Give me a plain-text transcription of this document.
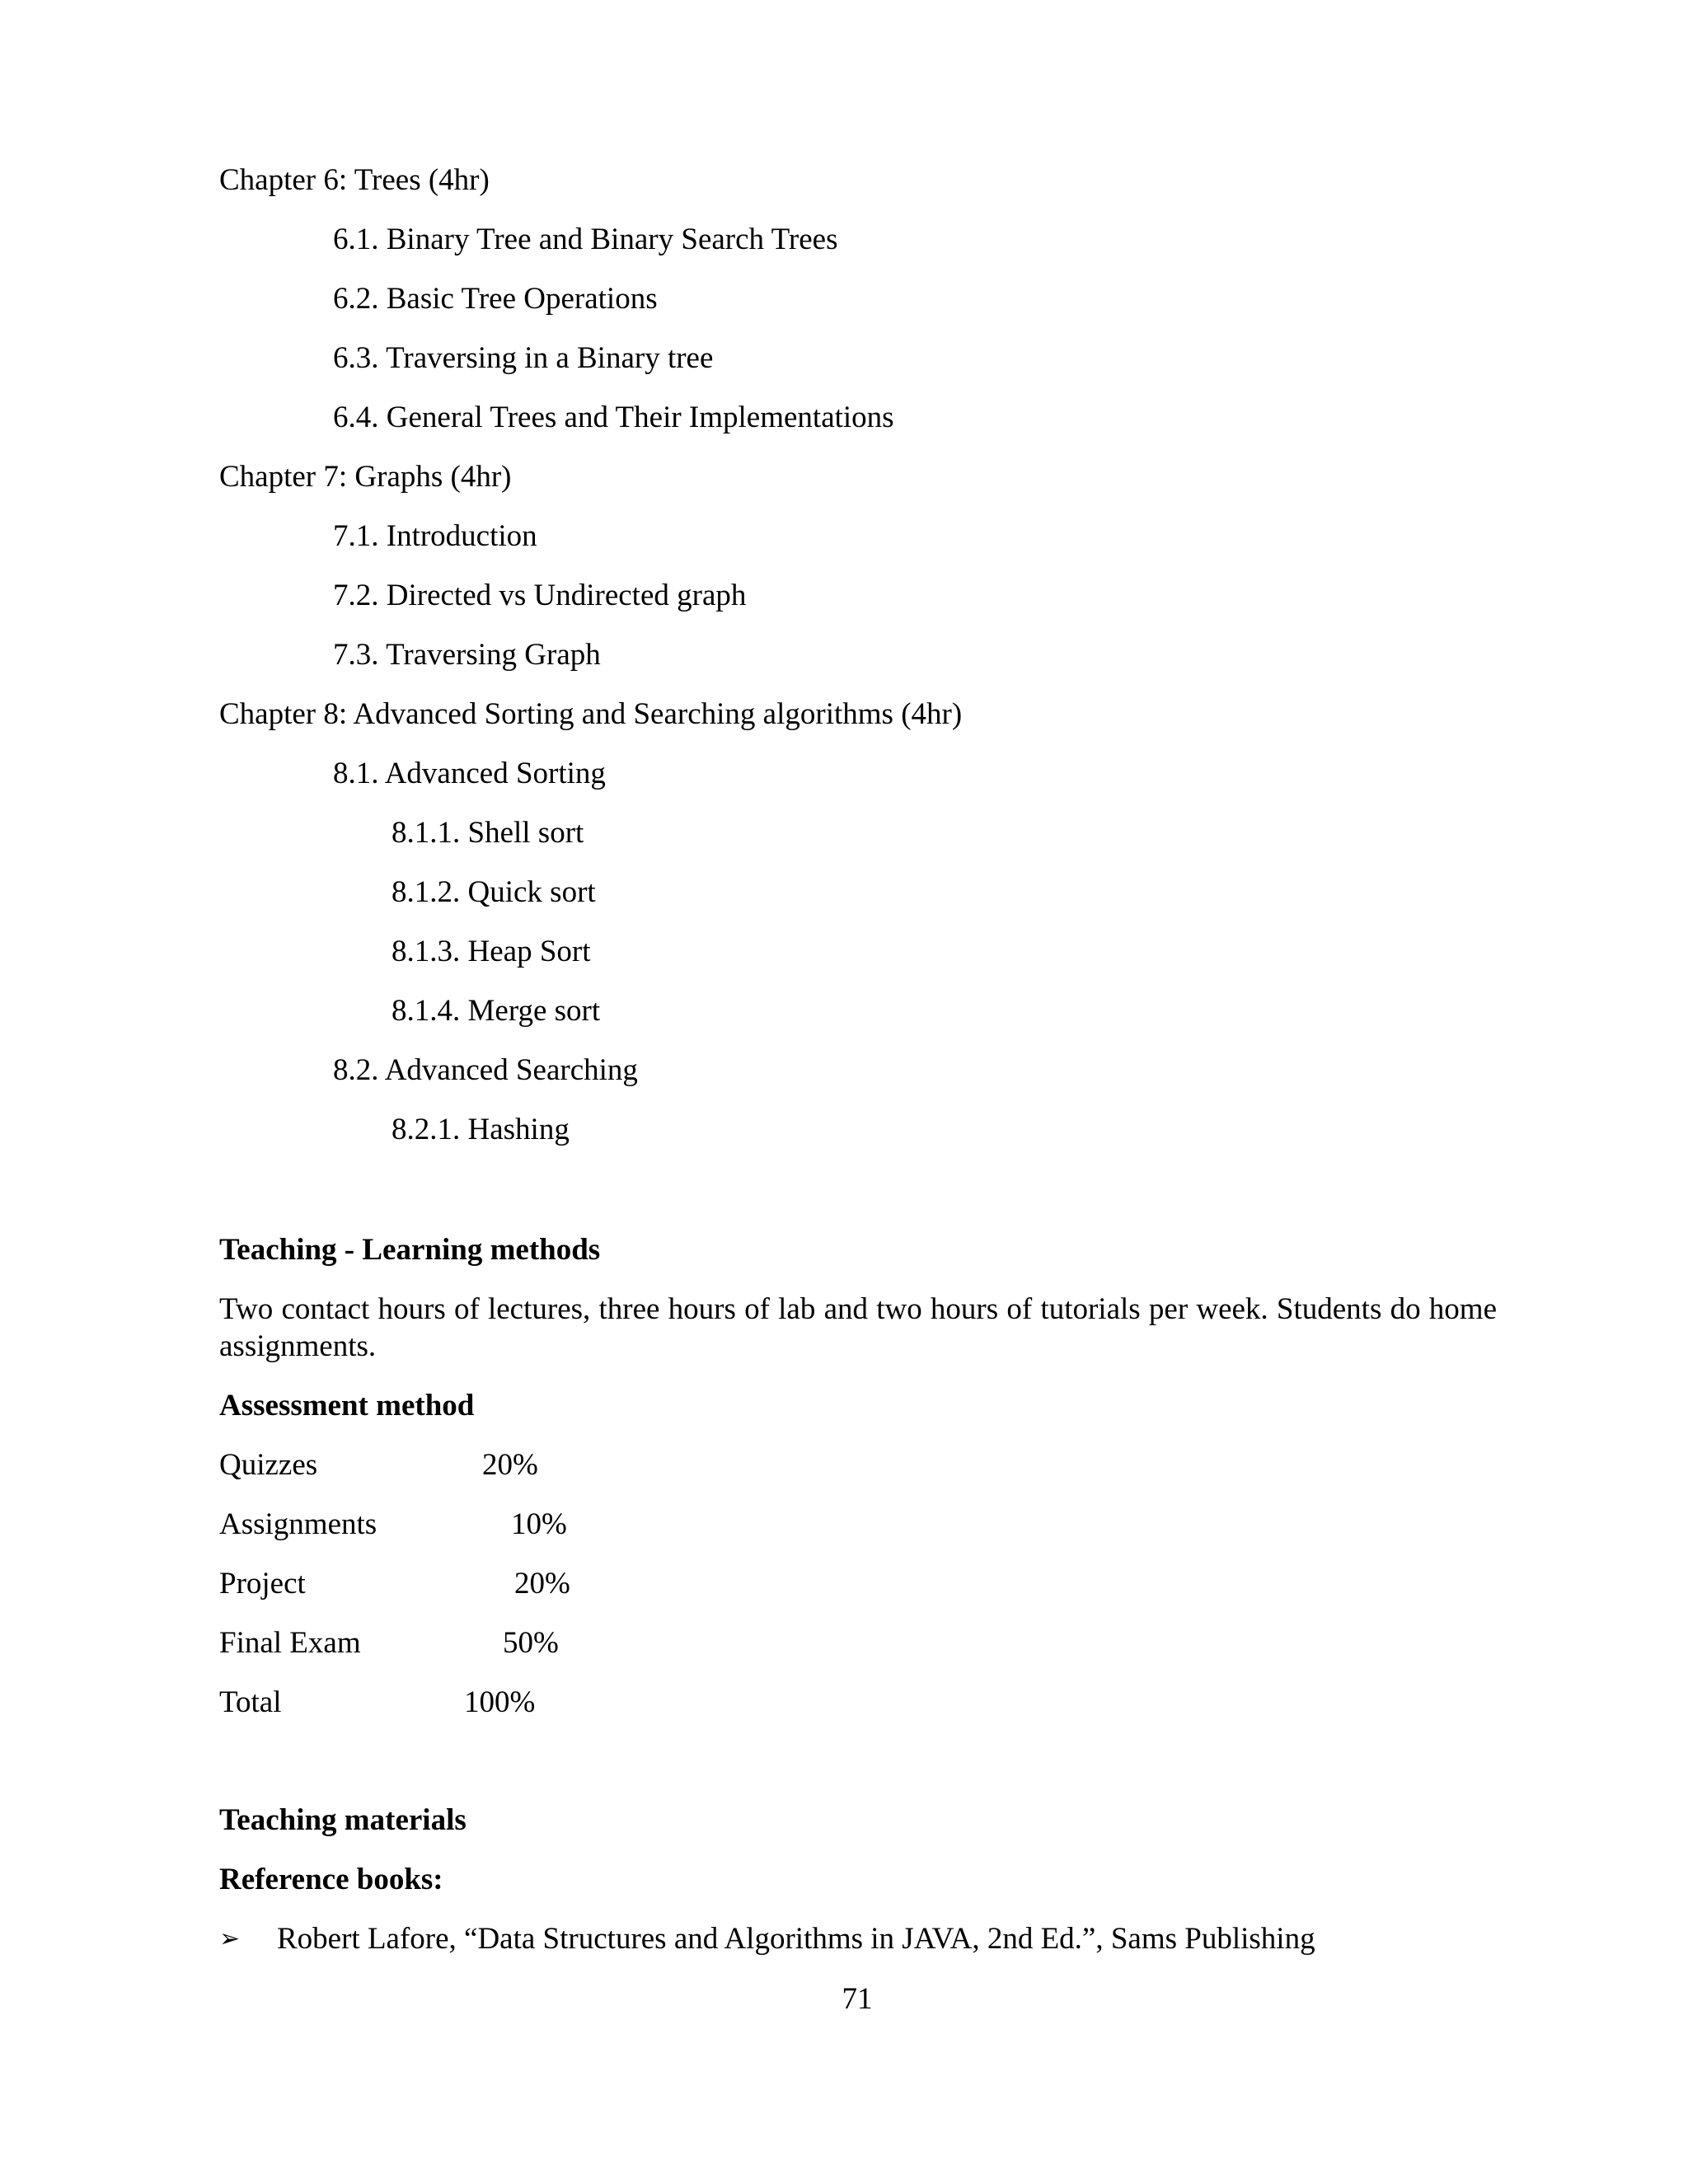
Chapter 6: Trees (4hr)
6.1. Binary Tree and Binary Search Trees
6.2. Basic Tree Operations
6.3. Traversing in a Binary tree
6.4. General Trees and Their Implementations
Chapter 7: Graphs (4hr)
7.1. Introduction
7.2. Directed vs Undirected graph
7.3. Traversing Graph
Chapter 8: Advanced Sorting and Searching algorithms (4hr)
8.1. Advanced Sorting
8.1.1. Shell sort
8.1.2. Quick sort
8.1.3. Heap Sort
8.1.4. Merge sort
8.2. Advanced Searching
8.2.1. Hashing
Teaching - Learning methods
Two contact hours of lectures, three hours of lab and two hours of tutorials per week. Students do home assignments.
Assessment method
Quizzes	20%
Assignments	10%
Project	20%
Final Exam	50%
Total	100%
Teaching materials
Reference books:
➢ Robert Lafore, “Data Structures and Algorithms in JAVA, 2nd Ed.”, Sams Publishing
71
